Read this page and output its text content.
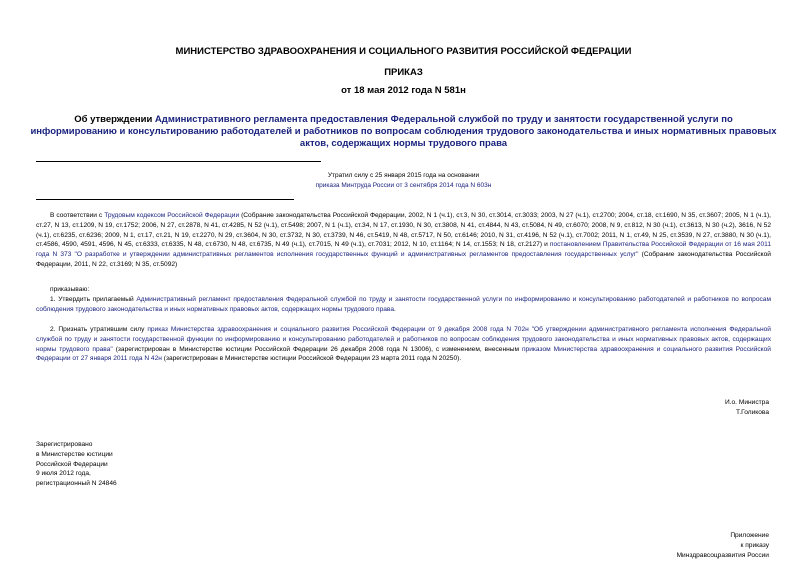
МИНИСТЕРСТВО ЗДРАВООХРАНЕНИЯ И СОЦИАЛЬНОГО РАЗВИТИЯ РОССИЙСКОЙ ФЕДЕРАЦИИ
ПРИКАЗ
от 18 мая 2012 года N 581н
Об утверждении Административного регламента предоставления Федеральной службой по труду и занятости государственной услуги по информированию и консультированию работодателей и работников по вопросам соблюдения трудового законодательства и иных нормативных правовых актов, содержащих нормы трудового права
Утратил силу с 25 января 2015 года на основании
приказа Минтруда России от 3 сентября 2014 года N 603н
В соответствии с Трудовым кодексом Российской Федерации (Собрание законодательства Российской Федерации, 2002, N 1 (ч.1), ст.3, N 30, ст.3014, ст.3033; 2003, N 27 (ч.1), ст.2700; 2004, ст.18, ст.1690, N 35, ст.3607; 2005, N 1 (ч.1), ст.27, N 13, ст.1209, N 19, ст.1752; 2006, N 27, ст.2878, N 41, ст.4285, N 52 (ч.1), ст.5498; 2007, N 1 (ч.1), ст.34, N 17, ст.1930, N 30, ст.3808, N 41, ст.4844, N 43, ст.5084, N 49, ст.6070; 2008, N 9, ст.812, N 30 (ч.1), ст.3613, N 30 (ч.2), 3616, N 52 (ч.1), ст.6235, ст.6236; 2009, N 1, ст.17, ст.21, N 19, ст.2270, N 29, ст.3604, N 30, ст.3732, N 30, ст.3739, N 46, ст.5419, N 48, ст.5717, N 50, ст.6146; 2010, N 31, ст.4196, N 52 (ч.1), ст.7002; 2011, N 1, ст.49, N 25, ст.3539, N 27, ст.3880, N 30 (ч.1), ст.4586, 4590, 4591, 4596, N 45, ст.6333, ст.6335, N 48, ст.6730, N 48, ст.6735, N 49 (ч.1), ст.7015, N 49 (ч.1), ст.7031; 2012, N 10, ст.1164; N 14, ст.1553; N 18, ст.2127) и постановлением Правительства Российской Федерации от 16 мая 2011 года N 373 "О разработке и утверждении административных регламентов исполнения государственных функций и административных регламентов предоставления государственных услуг" (Собрание законодательства Российской Федерации, 2011, N 22, ст.3169; N 35, ст.5092)
приказываю:
1. Утвердить прилагаемый Административный регламент предоставления Федеральной службой по труду и занятости государственной услуги по информированию и консультированию работодателей и работников по вопросам соблюдения трудового законодательства и иных нормативных правовых актов, содержащих нормы трудового права.
2. Признать утратившим силу приказ Министерства здравоохранения и социального развития Российской Федерации от 9 декабря 2008 года N 702н "Об утверждении административного регламента исполнения Федеральной службой по труду и занятости государственной функции по информированию и консультированию работодателей и работников по вопросам соблюдения трудового законодательства и иных нормативных правовых актов, содержащих нормы трудового права" (зарегистрирован в Министерстве юстиции Российской Федерации 26 декабря 2008 года N 13006), с изменением, внесенным приказом Министерства здравоохранения и социального развития Российской Федерации от 27 января 2011 года N 42н (зарегистрирован в Министерстве юстиции Российской Федерации 23 марта 2011 года N 20250).
И.о. Министра
Т.Голикова
Зарегистрировано
в Министерстве юстиции
Российской Федерации
9 июля 2012 года,
регистрационный N 24846
Приложение
к приказу
Минздравсоцразвития России
